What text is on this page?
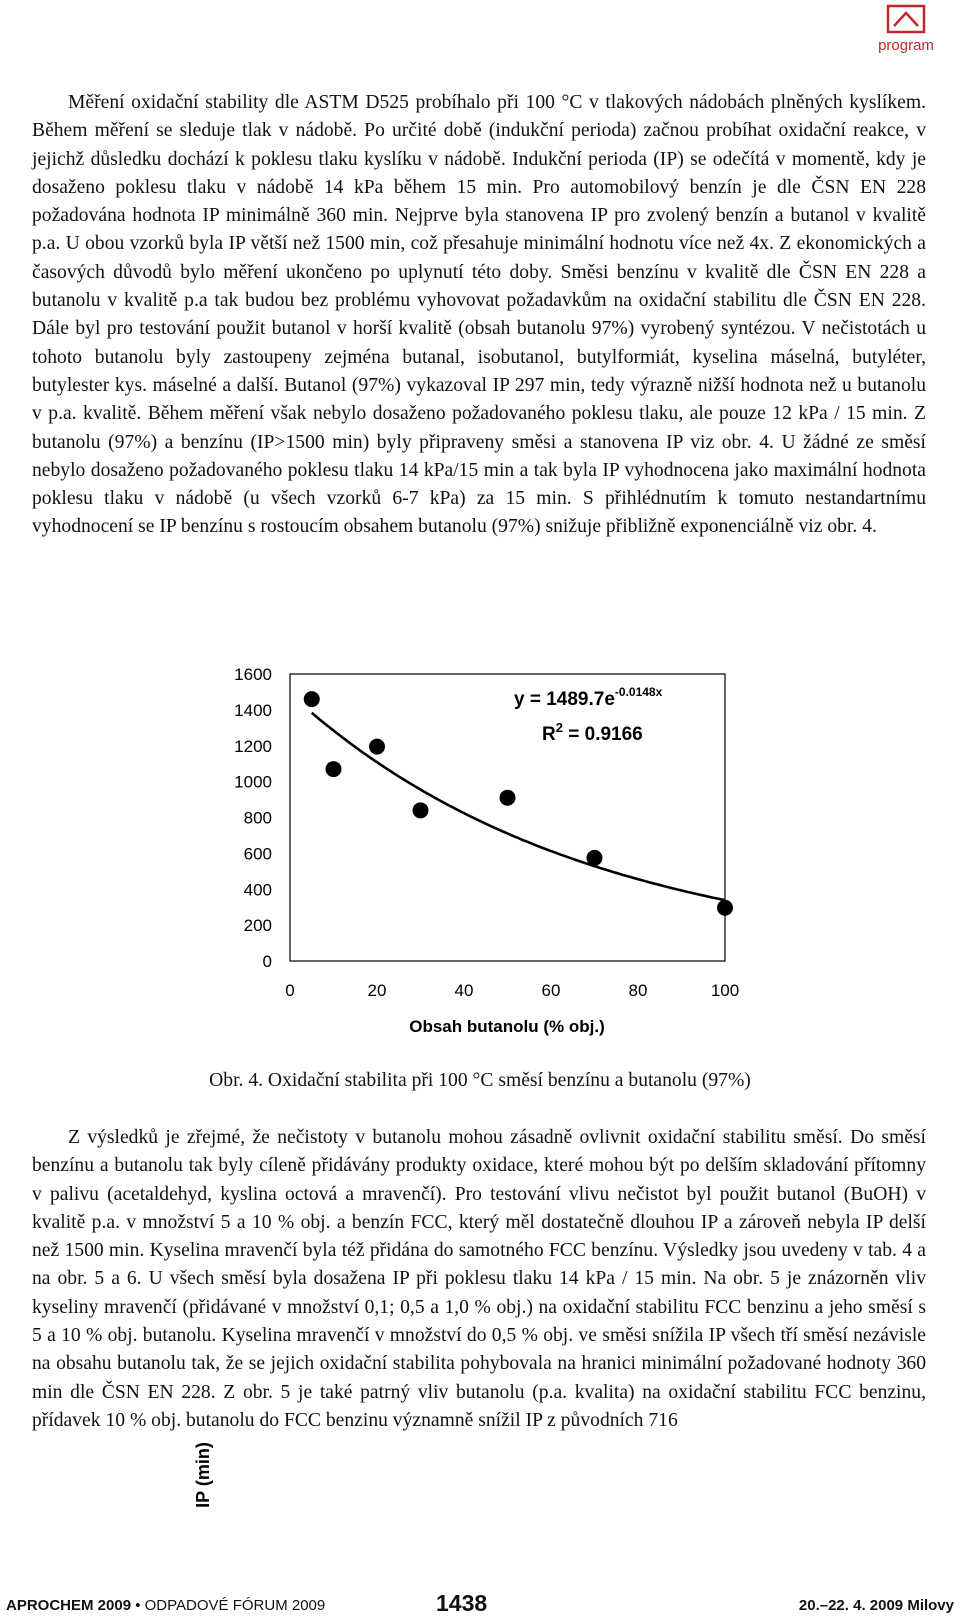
program

Měření oxidační stability dle ASTM D525 probíhalo při 100 °C v tlakových nádobách plněných kyslíkem. Během měření se sleduje tlak v nádobě. Po určité době (indukční perioda) začnou probíhat oxidační reakce, v jejichž důsledku dochází k poklesu tlaku kyslíku v nádobě. Indukční perioda (IP) se odečítá v momentě, kdy je dosaženo poklesu tlaku v nádobě 14 kPa během 15 min. Pro automobilový benzín je dle ČSN EN 228 požadována hodnota IP minimálně 360 min. Nejprve byla stanovena IP pro zvolený benzín a butanol v kvalitě p.a. U obou vzorků byla IP větší než 1500 min, což přesahuje minimální hodnotu více než 4x. Z ekonomických a časových důvodů bylo měření ukončeno po uplynutí této doby. Směsi benzínu v kvalitě dle ČSN EN 228 a butanolu v kvalitě p.a tak budou bez problému vyhovovat požadavkům na oxidační stabilitu dle ČSN EN 228. Dále byl pro testování použit butanol v horší kvalitě (obsah butanolu 97%) vyrobený syntézou. V nečistotách u tohoto butanolu byly zastoupeny zejména butanal, isobutanol, butylformiát, kyselina máselná, butyléter, butylester kys. máselné a další. Butanol (97%) vykazoval IP 297 min, tedy výrazně nižší hodnota než u butanolu v p.a. kvalitě. Během měření však nebylo dosaženo požadovaného poklesu tlaku, ale pouze 12 kPa / 15 min. Z butanolu (97%) a benzínu (IP>1500 min) byly připraveny směsi a stanovena IP viz obr. 4. U žádné ze směsí nebylo dosaženo požadovaného poklesu tlaku 14 kPa/15 min a tak byla IP vyhodnocena jako maximální hodnota poklesu tlaku v nádobě (u všech vzorků 6-7 kPa) za 15 min. S přihlédnutím k tomuto nestandartnímu vyhodnocení se IP benzínu s rostoucím obsahem butanolu (97%) snižuje přibližně exponenciálně viz obr. 4.

0
200
400
600
800
1000
1200
1400
1600
0	20	40	60	80	100
IP (min)
Obsah butanolu (% obj.)
$y = 1489.7e^{-0.0148x}$
$R^2 = 0.9166$
Obr. 4. Oxidační stabilita při 100 °C směsí benzínu a butanolu (97%)

Z výsledků je zřejmé, že nečistoty v butanolu mohou zásadně ovlivnit oxidační stabilitu směsí. Do směsí benzínu a butanolu tak byly cíleně přidávány produkty oxidace, které mohou být po delším skladování přítomny v palivu (acetaldehyd, kyslina octová a mravenčí). Pro testování vlivu nečistot byl použit butanol (BuOH) v kvalitě p.a. v množství 5 a 10 % obj. a benzín FCC, který měl dostatečně dlouhou IP a zároveň nebyla IP delší než 1500 min. Kyselina mravenčí byla též přidána do samotného FCC benzínu. Výsledky jsou uvedeny v tab. 4 a na obr. 5 a 6. U všech směsí byla dosažena IP při poklesu tlaku 14 kPa / 15 min. Na obr. 5 je znázorněn vliv kyseliny mravenčí (přidávané v množství 0,1; 0,5 a 1,0 % obj.) na oxidační stabilitu FCC benzinu a jeho směsí s 5 a 10 % obj. butanolu. Kyselina mravenčí v množství do 0,5 % obj. ve směsi snížila IP všech tří směsí nezávisle na obsahu butanolu tak, že se jejich oxidační stabilita pohybovala na hranici minimální požadované hodnoty 360 min dle ČSN EN 228. Z obr. 5 je také patrný vliv butanolu (p.a. kvalita) na oxidační stabilitu FCC benzinu, přídavek 10 % obj. butanolu do FCC benzinu významně snížil IP z původních 716

APROCHEM 2009 • ODPADOVÉ FÓRUM 2009	1438	20.–22. 4. 2009 Milovy
